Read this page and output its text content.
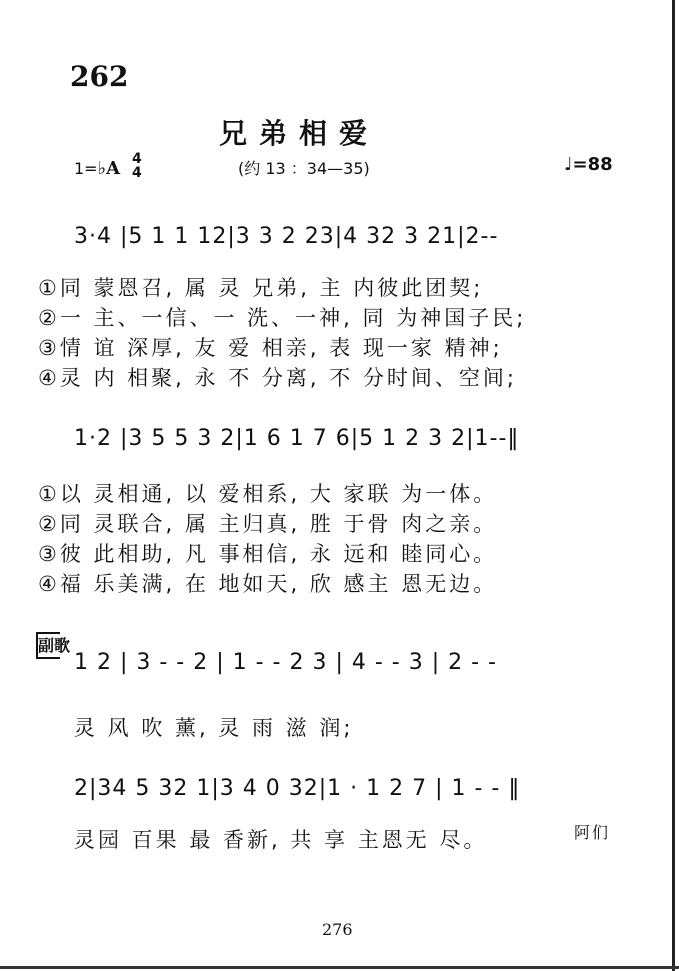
262
兄弟相爱
(约 13 ：34—35)
1=♭A 4
4	♩=88
3·4 |5 1 1 12|3 3 2 23|4 32 3 21|2--
①同 蒙恩召, 属 灵 兄弟, 主 内彼此团契;
②一 主、一信、一 洗、一神, 同 为神国子民;
③情 谊 深厚, 友 爱 相亲, 表 现一家 精神;
④灵 内 相聚, 永 不 分离, 不 分时间、空间;
1·2 |3 5 5 3 2|1 6 1 7 6|5 1 2 3 2|1--‖
①以 灵相通, 以 爱相系, 大 家联 为一体。
②同 灵联合, 属 主归真, 胜 于骨 肉之亲。
③彼 此相助, 凡 事相信, 永 远和 睦同心。
④福 乐美满, 在 地如天, 欣 感主 恩无边。
副歌
1 2 | 3 - - 2 | 1 - - 2 3 | 4 - - 3 | 2 - -
灵 风 吹 薰, 灵 雨 滋 润;
2|34 5 32 1|3 4 0 32|1 · 1 2 7 | 1 - - ‖
灵园 百果 最 香新, 共 享 主恩无 尽。	阿们
276
